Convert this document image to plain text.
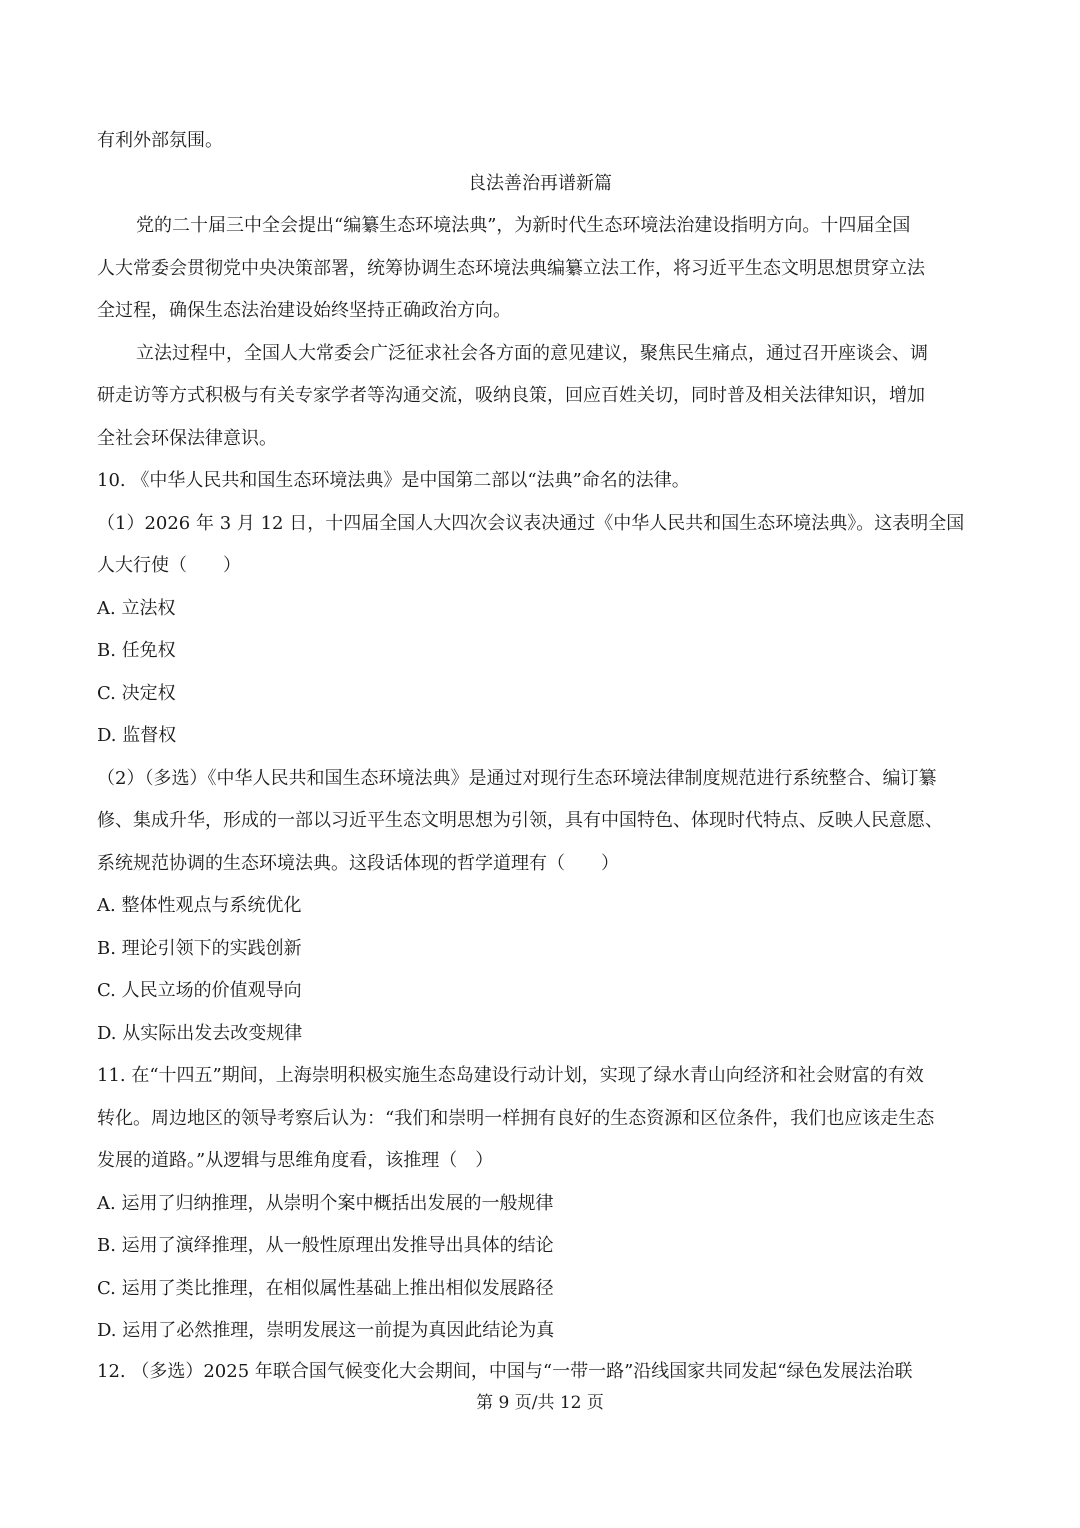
有利外部氛围。
良法善治再谱新篇
党的二十届三中全会提出“编纂生态环境法典”，为新时代生态环境法治建设指明方向。十四届全国
人大常委会贯彻党中央决策部署，统筹协调生态环境法典编纂立法工作，将习近平生态文明思想贯穿立法
全过程，确保生态法治建设始终坚持正确政治方向。
立法过程中，全国人大常委会广泛征求社会各方面的意见建议，聚焦民生痛点，通过召开座谈会、调
研走访等方式积极与有关专家学者等沟通交流，吸纳良策，回应百姓关切，同时普及相关法律知识，增加
全社会环保法律意识。
10. 《中华人民共和国生态环境法典》是中国第二部以“法典”命名的法律。
（1）2026 年 3 月 12 日，十四届全国人大四次会议表决通过《中华人民共和国生态环境法典》。这表明全国
人大行使（　　）
A. 立法权
B. 任免权
C. 决定权
D. 监督权
（2）（多选）《中华人民共和国生态环境法典》是通过对现行生态环境法律制度规范进行系统整合、编订纂
修、集成升华，形成的一部以习近平生态文明思想为引领，具有中国特色、体现时代特点、反映人民意愿、
系统规范协调的生态环境法典。这段话体现的哲学道理有（　　）
A. 整体性观点与系统优化
B. 理论引领下的实践创新
C. 人民立场的价值观导向
D. 从实际出发去改变规律
11. 在“十四五”期间，上海崇明积极实施生态岛建设行动计划，实现了绿水青山向经济和社会财富的有效
转化。周边地区的领导考察后认为：“我们和崇明一样拥有良好的生态资源和区位条件，我们也应该走生态
发展的道路。”从逻辑与思维角度看，该推理（　）
A. 运用了归纳推理，从崇明个案中概括出发展的一般规律
B. 运用了演绎推理，从一般性原理出发推导出具体的结论
C. 运用了类比推理，在相似属性基础上推出相似发展路径
D. 运用了必然推理，崇明发展这一前提为真因此结论为真
12. （多选）2025 年联合国气候变化大会期间，中国与“一带一路”沿线国家共同发起“绿色发展法治联
第 9 页/共 12 页
